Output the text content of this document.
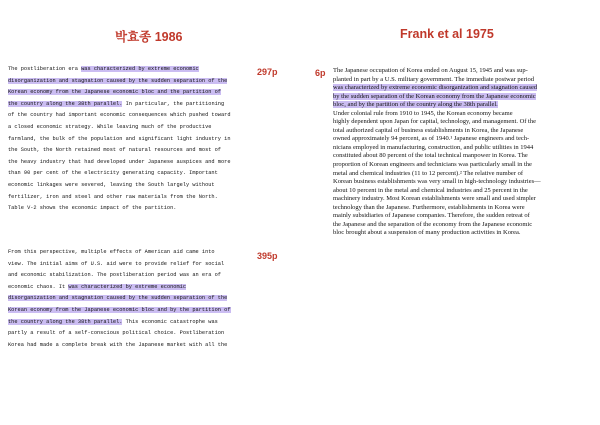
박효종 1986	Frank et al 1975
297p
395p
6p
The postliberation era was characterized by extreme economic
disorganization and stagnation caused by the sudden separation of the
Korean economy from the Japanese economic bloc and the partition of
the country along the 38th parallel. In particular, the partitioning
of the country had important economic consequences which pushed toward
a closed economic strategy. While leaving much of the productive
farmland, the bulk of the population and significant light industry in
the South, the North retained most of natural resources and most of
the heavy industry that had developed under Japanese auspices and more
than 90 per cent of the electricity generating capacity. Important
economic linkages were severed, leaving the South largely without
fertilizer, iron and steel and other raw materials from the North.
Table V-2 shows the economic impact of the partition.
From this perspective, multiple effects of American aid came into
view. The initial aims of U.S. aid were to provide relief for social
and economic stabilization. The postliberation period was an era of
economic chaos. It was characterized by extreme economic
disorganization and stagnation caused by the sudden separation of the
Korean economy from the Japanese economic bloc and by the partition of
the country along the 38th parallel. This economic catastrophe was
partly a result of a self-conscious political choice. Postliberation
Korea had made a complete break with the Japanese market with all the
The Japanese occupation of Korea ended on August 15, 1945 and was sup-
planted in part by a U.S. military government. The immediate postwar period
was characterized by extreme economic disorganization and stagnation caused
by the sudden separation of the Korean economy from the Japanese economic
bloc, and by the partition of the country along the 38th parallel.
Under colonial rule from 1910 to 1945, the Korean economy became
highly dependent upon Japan for capital, technology, and management. Of the
total authorized capital of business establishments in Korea, the Japanese
owned approximately 94 percent, as of 1940.¹ Japanese engineers and tech-
nicians employed in manufacturing, construction, and public utilities in 1944
constituted about 80 percent of the total technical manpower in Korea. The
proportion of Korean engineers and technicians was particularly small in the
metal and chemical industries (11 to 12 percent).² The relative number of
Korean business establishments was very small in high-technology industries—
about 10 percent in the metal and chemical industries and 25 percent in the
machinery industry. Most Korean establishments were small and used simpler
technology than the Japanese. Furthermore, establishments in Korea were
mainly subsidiaries of Japanese companies. Therefore, the sudden retreat of
the Japanese and the separation of the economy from the Japanese economic
bloc brought about a suspension of many production activities in Korea.
